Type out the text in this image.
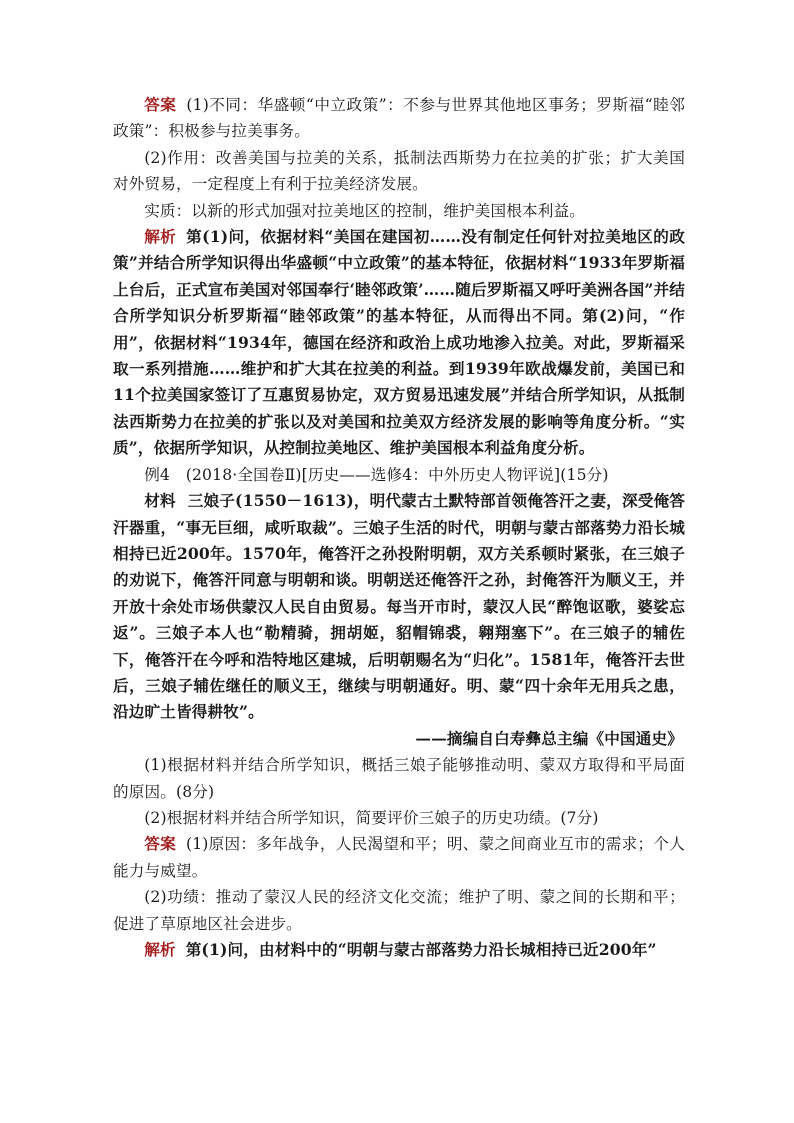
答案 (1)不同：华盛顿“中立政策”：不参与世界其他地区事务；罗斯福“睦邻政策”：积极参与拉美事务。

(2)作用：改善美国与拉美的关系，抵制法西斯势力在拉美的扩张；扩大美国对外贸易，一定程度上有利于拉美经济发展。

实质：以新的形式加强对拉美地区的控制，维护美国根本利益。

解析 第(1)问，依据材料“美国在建国初……没有制定任何针对拉美地区的政策”并结合所学知识得出华盛顿“中立政策”的基本特征，依据材料“1933年罗斯福上台后，正式宣布美国对邻国奉行‘睦邻政策’……随后罗斯福又呼吁美洲各国”并结合所学知识分析罗斯福“睦邻政策”的基本特征，从而得出不同。第(2)问，“作用”，依据材料“1934年，德国在经济和政治上成功地渗入拉美。对此，罗斯福采取一系列措施……维护和扩大其在拉美的利益。到1939年欧战爆发前，美国已和11个拉美国家签订了互惠贸易协定，双方贸易迅速发展”并结合所学知识，从抵制法西斯势力在拉美的扩张以及对美国和拉美双方经济发展的影响等角度分析。“实质”，依据所学知识，从控制拉美地区、维护美国根本利益角度分析。

例4　(2018·全国卷Ⅱ)[历史——选修4：中外历史人物评说](15分)

材料 三娘子(1550－1613)，明代蒙古土默特部首领俺答汗之妻，深受俺答汗器重，“事无巨细，咸听取裁”。三娘子生活的时代，明朝与蒙古部落势力沿长城相持已近200年。1570年，俺答汗之孙投附明朝，双方关系顿时紧张，在三娘子的劝说下，俺答汗同意与明朝和谈。明朝送还俺答汗之孙，封俺答汗为顺义王，并开放十余处市场供蒙汉人民自由贸易。每当开市时，蒙汉人民“醉饱讴歌，婆娑忘返”。三娘子本人也“勒精骑，拥胡姬，貂帽锦裘，翱翔塞下”。在三娘子的辅佐下，俺答汗在今呼和浩特地区建城，后明朝赐名为“归化”。1581年，俺答汗去世后，三娘子辅佐继任的顺义王，继续与明朝通好。明、蒙“四十余年无用兵之患，沿边旷土皆得耕牧”。

——摘编自白寿彝总主编《中国通史》

(1)根据材料并结合所学知识，概括三娘子能够推动明、蒙双方取得和平局面的原因。(8分)

(2)根据材料并结合所学知识，简要评价三娘子的历史功绩。(7分)

答案 (1)原因：多年战争，人民渴望和平；明、蒙之间商业互市的需求；个人能力与威望。

(2)功绩：推动了蒙汉人民的经济文化交流；维护了明、蒙之间的长期和平；促进了草原地区社会进步。

解析 第(1)问，由材料中的“明朝与蒙古部落势力沿长城相持已近200年”
